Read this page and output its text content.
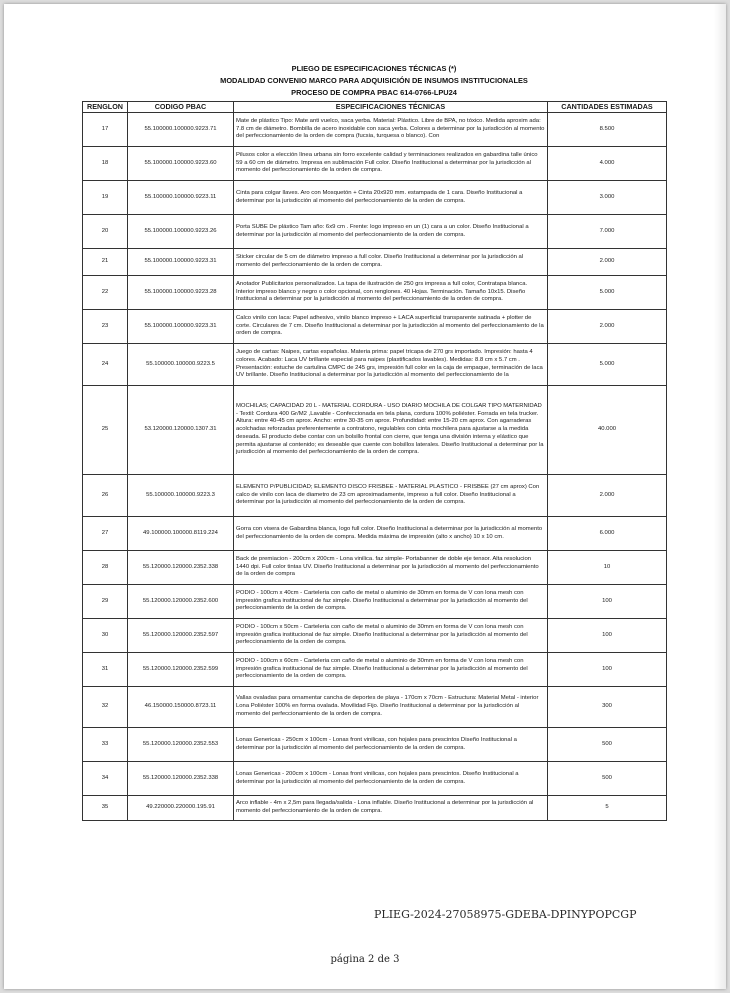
PLIEGO DE ESPECIFICACIONES TÉCNICAS (*)
MODALIDAD CONVENIO MARCO PARA ADQUISICIÓN DE INSUMOS INSTITUCIONALES
PROCESO DE COMPRA PBAC 614-0766-LPU24
RENGLON	CODIGO PBAC	ESPECIFICACIONES TÉCNICAS	CANTIDADES ESTIMADAS
17	55.100000.100000.9223.71	Mate de plástico Tipo: Mate anti vuelco, saca yerba. Material: Plástico. Libre de BPA, no tóxico. Medida aproxim ada: 7.8 cm de diámetro. Bombilla de acero inoxidable con saca yerba. Colores a determinar por la jurisdicción al momento del perfeccionamiento de la orden de compra (fucsia, turquesa o blanco). Con	8.500
18	55.100000.100000.9223.60	Pilusos color a elección línea urbana sin forro excelente calidad y terminaciones realizados en gabardina talle único 59 a 60 cm de diámetro. Impresa en sublimación Full color. Diseño Institucional a determinar por la jurisdicción al momento del perfeccionamiento de la orden de compra.	4.000
19	55.100000.100000.9223.11	Cinta para colgar llaves. Aro con Mosquetón + Cinta 20x920 mm. estampada de 1 cara. Diseño Institucional a determinar por la jurisdicción al momento del perfeccionamiento de la orden de compra.	3.000
20	55.100000.100000.9223.26	Porta SUBE De plástico Tam año: 6x9 cm . Frente: logo impreso en un (1) cara a un color. Diseño Institucional a determinar por la jurisdicción al momento del perfeccionamiento de la orden de compra.	7.000
21	55.100000.100000.9223.31	Sticker circular de 5 cm de diámetro impreso a full color. Diseño Institucional a determinar por la jurisdicción al momento del perfeccionamiento de la orden de compra.	2.000
22	55.100000.100000.9223.28	Anotador Publicitarios personalizados. La tapa de ilustración de 250 grs impresa a full color, Contratapa blanca. Interior impreso blanco y negro o color opcional, con renglones. 40 Hojas. Terminación. Tamaño 10x15. Diseño Institucional a determinar por la jurisdicción al momento del perfeccionamiento de la orden de compra.	5.000
23	55.100000.100000.9223.31	Calco vinilo con laca: Papel adhesivo, vinilo blanco impreso + LACA superficial transparente satinada + plotter de corte. Circulares de 7 cm. Diseño Institucional a determinar por la jurisdicción al momento del perfeccionamiento de la orden de compra.	2.000
24	55.100000.100000.9223.5	Juego de cartas: Naipes, cartas españolas. Materia prima: papel tricapa de 270 grs importado. Impresión: hasta 4 colores. Acabado: Laca UV brillante especial para naipes (plastificados lavables). Medidas: 8.8 cm x 5.7 cm . Presentación: estuche de cartulina CMPC de 245 grs, impresión full color en la caja de empaque, terminación de laca UV brillante. Diseño Institucional a determinar por la jurisdicción al momento del perfeccionamiento de la	5.000
25	53.120000.120000.1307.31	MOCHILAS; CAPACIDAD 20 L - MATERIAL CORDURA - USO DIARIO MOCHILA DE COLGAR TIPO MATERNIDAD - Textil: Cordura 400 Gr/M2 ,Lavable - Confeccionada en tela plana, cordura 100% poliéster. Forrada en tela trucker. Altura: entre 40-45 cm aprox. Ancho: entre 30-35 cm aprox. Profundidad: entre 15-20 cm aprox. Con agarraderas acolchadas reforzadas preferentemente a contratono, regulables con cinta mochilera para ajustarse a la medida deseada. El producto debe contar con un bolsillo frontal con cierre, que tenga una división interna y elástico que permita ajustarse al contenido; es deseable que cuente con bolsillos laterales. Diseño Institucional a determinar por la jurisdicción al momento del perfeccionamiento de la orden de compra.	40.000
26	55.100000.100000.9223.3	ELEMENTO P/PUBLICIDAD; ELEMENTO DISCO FRISBEE - MATERIAL PLASTICO - FRISBEE (27 cm aprox) Con calco de vinilo con laca de diametro de 23 cm aproximadamente, impreso a full color. Diseño Institucional a determinar por la jurisdicción al momento del perfeccionamiento de la orden de compra.	2.000
27	49.100000.100000.8119.224	Gorra con visera de Gabardina blanca, logo full color. Diseño Institucional a determinar por la jurisdicción al momento del perfeccionamiento de la orden de compra. Medida máxima de impresión (alto x ancho) 10 x 10 cm.	6.000
28	55.120000.120000.2352.338	Back de premiacion - 200cm x 200cm - Lona vinilica. faz simple- Portabanner de doble eje tensor. Alta resolucion 1440 dpi. Full color tintas UV. Diseño Institucional a determinar por la jurisdicción al momento del perfeccionamiento de la orden de compra	10
29	55.120000.120000.2352.600	PODIO - 100cm x 40cm - Carteleria con caño de metal o aluminio de 30mm en forma de V con lona mesh con impresión grafica institucional de faz simple. Diseño Institucional a determinar por la jurisdicción al momento del perfeccionamiento de la orden de compra.	100
30	55.120000.120000.2352.597	PODIO - 100cm x 50cm - Carteleria con caño de metal o aluminio de 30mm en forma de V con lona mesh con impresión grafica institucional de faz simple. Diseño Institucional a determinar por la jurisdicción al momento del perfeccionamiento de la orden de compra.	100
31	55.120000.120000.2352.599	PODIO - 100cm x 60cm - Carteleria con caño de metal o aluminio de 30mm en forma de V con lona mesh con impresión grafica institucional de faz simple. Diseño Institucional a determinar por la jurisdicción al momento del perfeccionamiento de la orden de compra.	100
32	46.150000.150000.8723.11	Vallas ovaladas para ornamentar cancha de deportes de playa - 170cm x 70cm - Estructura: Material Metal - interior Lona Poliéster 100% en forma ovalada. Movilidad Fijo. Diseño Institucional a determinar por la jurisdicción al momento del perfeccionamiento de la orden de compra.	300
33	55.120000.120000.2352.553	Lonas Genericas - 250cm x 100cm - Lonas front vinilicas, con hojales para prescintos Diseño Institucional a determinar por la jurisdicción al momento del perfeccionamiento de la orden de compra.	500
34	55.120000.120000.2352.338	Lonas Genericas - 200cm x 100cm - Lonas front vinilicas, con hojales para prescintos. Diseño Institucional a determinar por la jurisdicción al momento del perfeccionamiento de la orden de compra.	500
35	49.220000.220000.195.91	Arco inflable - 4m x 2,5m para llegada/salida - Lona inflable. Diseño Institucional a determinar por la jurisdicción al momento del perfeccionamiento de la orden de compra.	5
PLIEG-2024-27058975-GDEBA-DPINYPOPCGP
página 2 de 3
